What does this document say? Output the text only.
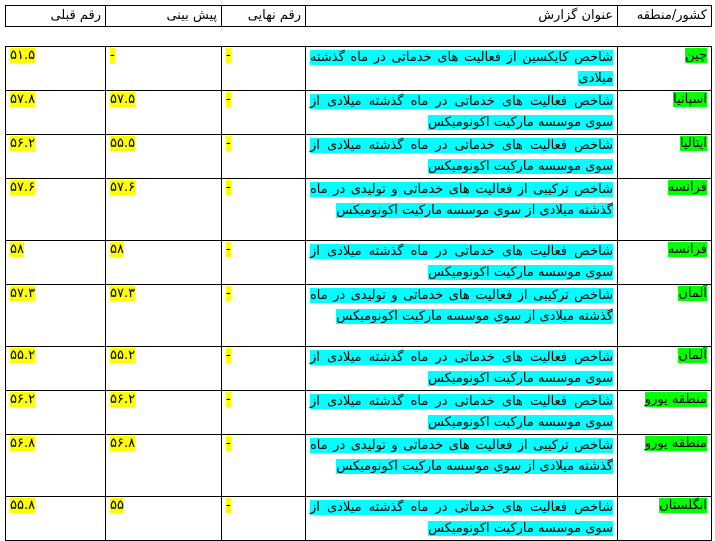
کشور/منطقه	عنوان گزارش	رقم نهایی	پیش بینی	رقم قبلی
چین	شاخص کایکسین از فعالیت های خدماتی در ماه گذشته میلادی	-	-	۵۱.۵
اسپانیا	شاخص فعالیت های خدماتی در ماه گذشته میلادی از سوی موسسه مارکیت اکونومیکس	-	۵۷.۵	۵۷.۸
ایتالیا	شاخص فعالیت های خدماتی در ماه گذشته میلادی از سوی موسسه مارکیت اکونومیکس	-	۵۵.۵	۵۶.۲
فرانسه	شاخص ترکیبی از فعالیت های خدماتی و تولیدی در ماه گذشته میلادی از سوی موسسه مارکیت اکونومیکس	-	۵۷.۶	۵۷.۶
فرانسه	شاخص فعالیت های خدماتی در ماه گذشته میلادی از سوی موسسه مارکیت اکونومیکس	-	۵۸	۵۸
آلمان	شاخص ترکیبی از فعالیت های خدماتی و تولیدی در ماه گذشته میلادی از سوی موسسه مارکیت اکونومیکس	-	۵۷.۳	۵۷.۳
آلمان	شاخص فعالیت های خدماتی در ماه گذشته میلادی از سوی موسسه مارکیت اکونومیکس	-	۵۵.۲	۵۵.۲
منطقه یورو	شاخص فعالیت های خدماتی در ماه گذشته میلادی از سوی موسسه مارکیت اکونومیکس	-	۵۶.۲	۵۶.۲
منطقه یورو	شاخص ترکیبی از فعالیت های خدماتی و تولیدی در ماه گذشته میلادی از سوی موسسه مارکیت اکونومیکس	-	۵۶.۸	۵۶.۸
انگلستان	شاخص فعالیت های خدماتی در ماه گذشته میلادی از سوی موسسه مارکیت اکونومیکس	-	۵۵	۵۵.۸
